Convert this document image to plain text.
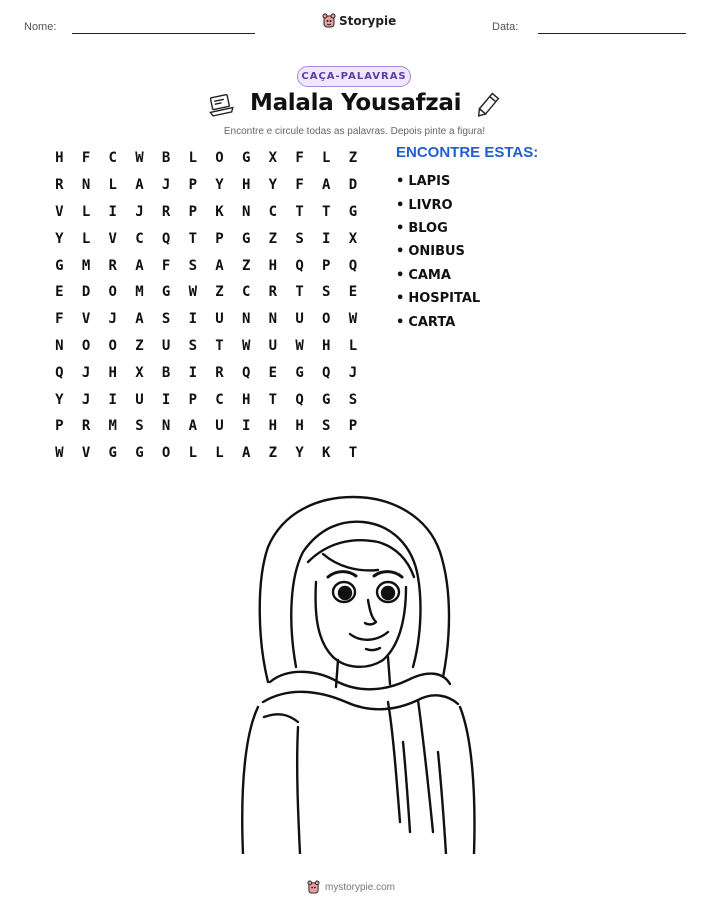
Nome:	Storypie	Data:
CAÇA-PALAVRAS
Malala Yousafzai
Encontre e circule todas as palavras. Depois pinte a figura!
H	F	C	W	B	L	O	G	X	F	L	Z
R	N	L	A	J	P	Y	H	Y	F	A	D
V	L	I	J	R	P	K	N	C	T	T	G
Y	L	V	C	Q	T	P	G	Z	S	I	X
G	M	R	A	F	S	A	Z	H	Q	P	Q
E	D	O	M	G	W	Z	C	R	T	S	E
F	V	J	A	S	I	U	N	N	U	O	W
N	O	O	Z	U	S	T	W	U	W	H	L
Q	J	H	X	B	I	R	Q	E	G	Q	J
Y	J	I	U	I	P	C	H	T	Q	G	S
P	R	M	S	N	A	U	I	H	H	S	P
W	V	G	G	O	L	L	A	Z	Y	K	T
ENCONTRE ESTAS:
• LAPIS
• LIVRO
• BLOG
• ONIBUS
• CAMA
• HOSPITAL
• CARTA
mystorypie.com
